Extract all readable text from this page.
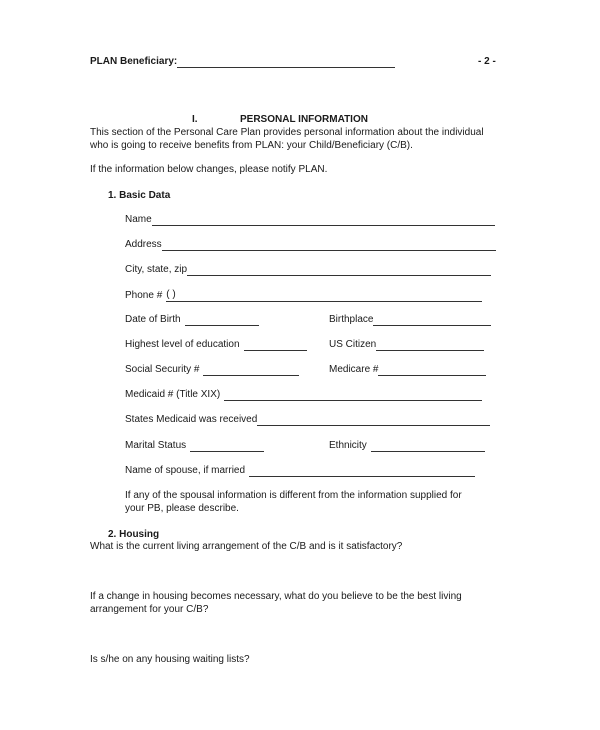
PLAN Beneficiary:	- 2 -
I.	PERSONAL INFORMATION
This section of the Personal Care Plan provides personal information about the individual
who is going to receive benefits from PLAN: your Child/Beneficiary (C/B).
If the information below changes, please notify PLAN.
1. Basic Data
Name
Address
City, state, zip
Phone # ( )
Date of Birth	Birthplace
Highest level of education	US Citizen
Social Security #	Medicare #
Medicaid # (Title XIX)
States Medicaid was received
Marital Status	Ethnicity
Name of spouse, if married
If any of the spousal information is different from the information supplied for
your PB, please describe.
2. Housing
What is the current living arrangement of the C/B and is it satisfactory?
If a change in housing becomes necessary, what do you believe to be the best living
arrangement for your C/B?
Is s/he on any housing waiting lists?
